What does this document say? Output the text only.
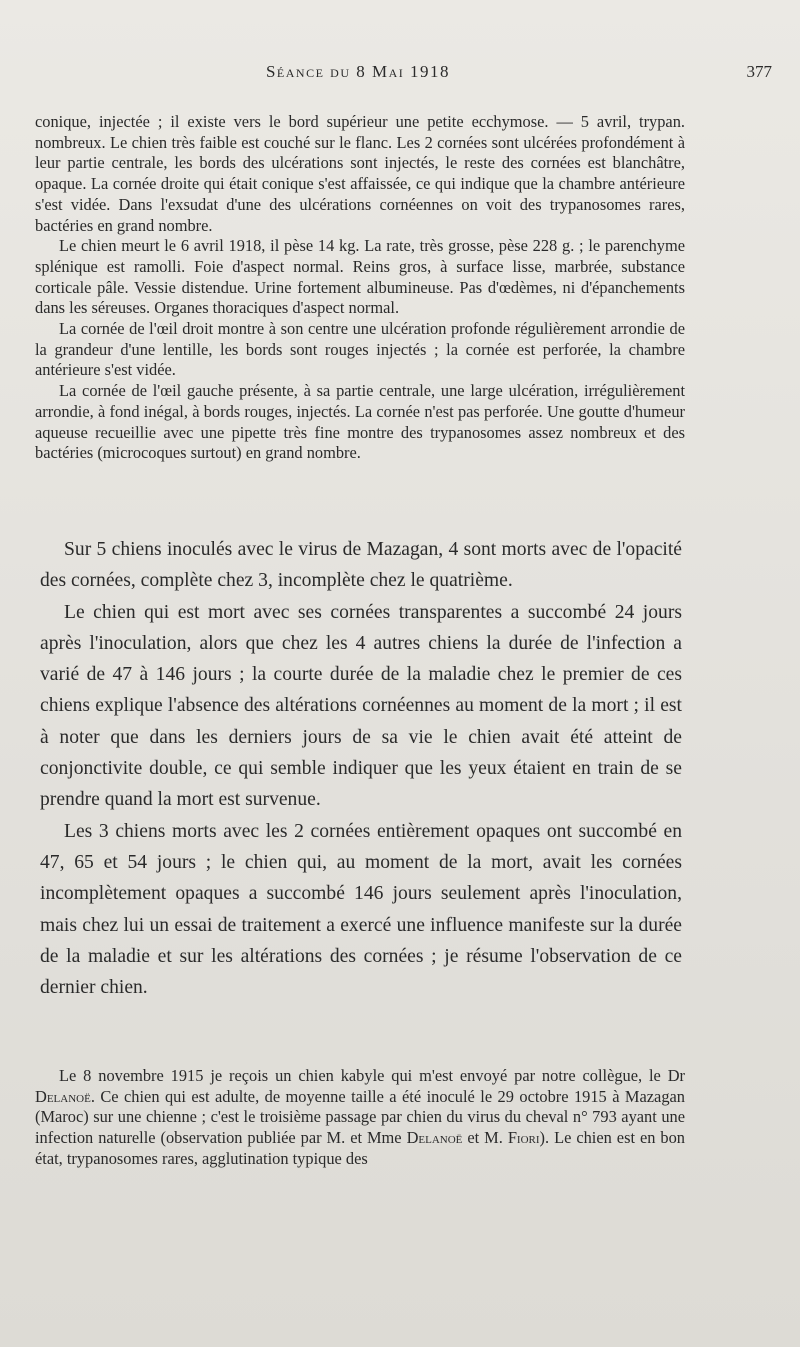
Séance du 8 Mai 1918	377

conique, injectée ; il existe vers le bord supérieur une petite ecchymose. — 5 avril, trypan. nombreux. Le chien très faible est couché sur le flanc. Les 2 cornées sont ulcérées profondément à leur partie centrale, les bords des ulcérations sont injectés, le reste des cornées est blanchâtre, opaque. La cornée droite qui était conique s'est affaissée, ce qui indique que la chambre antérieure s'est vidée. Dans l'exsudat d'une des ulcérations cornéennes on voit des trypanosomes rares, bactéries en grand nombre.

Le chien meurt le 6 avril 1918, il pèse 14 kg. La rate, très grosse, pèse 228 g. ; le parenchyme splénique est ramolli. Foie d'aspect normal. Reins gros, à surface lisse, marbrée, substance corticale pâle. Vessie distendue. Urine fortement albumineuse. Pas d'œdèmes, ni d'épanchements dans les séreuses. Organes thoraciques d'aspect normal.

La cornée de l'œil droit montre à son centre une ulcération profonde régulièrement arrondie de la grandeur d'une lentille, les bords sont rouges injectés ; la cornée est perforée, la chambre antérieure s'est vidée.

La cornée de l'œil gauche présente, à sa partie centrale, une large ulcération, irrégulièrement arrondie, à fond inégal, à bords rouges, injectés. La cornée n'est pas perforée. Une goutte d'humeur aqueuse recueillie avec une pipette très fine montre des trypanosomes assez nombreux et des bactéries (microcoques surtout) en grand nombre.

Sur 5 chiens inoculés avec le virus de Mazagan, 4 sont morts avec de l'opacité des cornées, complète chez 3, incomplète chez le quatrième.

Le chien qui est mort avec ses cornées transparentes a succombé 24 jours après l'inoculation, alors que chez les 4 autres chiens la durée de l'infection a varié de 47 à 146 jours ; la courte durée de la maladie chez le premier de ces chiens explique l'absence des altérations cornéennes au moment de la mort ; il est à noter que dans les derniers jours de sa vie le chien avait été atteint de conjonctivite double, ce qui semble indiquer que les yeux étaient en train de se prendre quand la mort est survenue.

Les 3 chiens morts avec les 2 cornées entièrement opaques ont succombé en 47, 65 et 54 jours ; le chien qui, au moment de la mort, avait les cornées incomplètement opaques a succombé 146 jours seulement après l'inoculation, mais chez lui un essai de traitement a exercé une influence manifeste sur la durée de la maladie et sur les altérations des cornées ; je résume l'observation de ce dernier chien.

Le 8 novembre 1915 je reçois un chien kabyle qui m'est envoyé par notre collègue, le Dr Delanoë. Ce chien qui est adulte, de moyenne taille a été inoculé le 29 octobre 1915 à Mazagan (Maroc) sur une chienne ; c'est le troisième passage par chien du virus du cheval n° 793 ayant une infection naturelle (observation publiée par M. et Mme Delanoë et M. Fiori). Le chien est en bon état, trypanosomes rares, agglutination typique des
